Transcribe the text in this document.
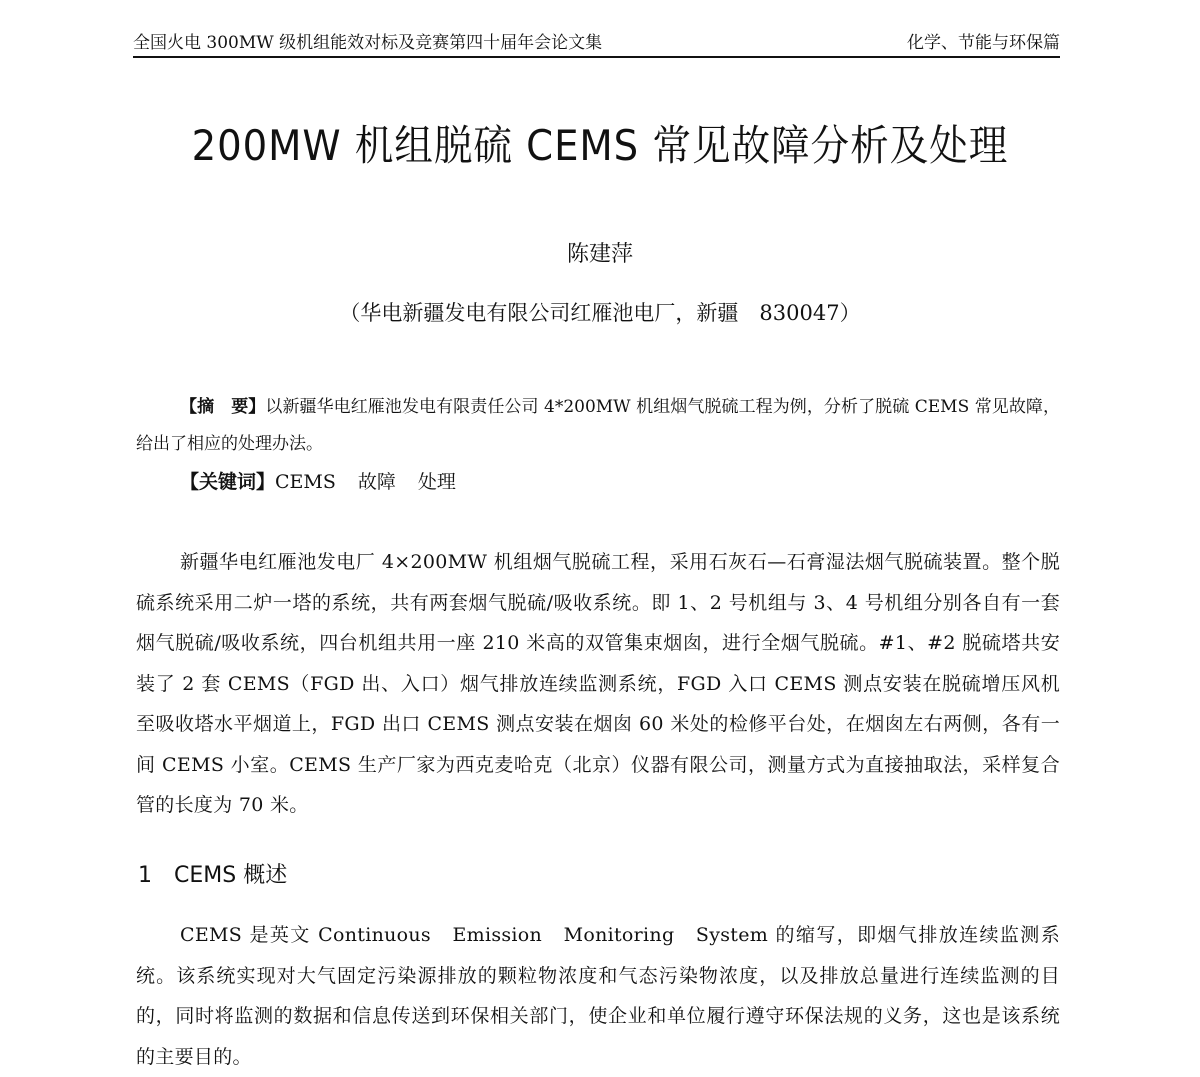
全国火电 300MW 级机组能效对标及竞赛第四十届年会论文集	化学、节能与环保篇
200MW 机组脱硫 CEMS 常见故障分析及处理
陈建萍
（华电新疆发电有限公司红雁池电厂，新疆　830047）
【摘　要】以新疆华电红雁池发电有限责任公司 4*200MW 机组烟气脱硫工程为例，分析了脱硫 CEMS 常见故障，给出了相应的处理办法。
【关键词】CEMS 故障 处理
新疆华电红雁池发电厂 4×200MW 机组烟气脱硫工程，采用石灰石—石膏湿法烟气脱硫装置。整个脱硫系统采用二炉一塔的系统，共有两套烟气脱硫/吸收系统。即 1、2 号机组与 3、4 号机组分别各自有一套烟气脱硫/吸收系统，四台机组共用一座 210 米高的双管集束烟囱，进行全烟气脱硫。#1、#2 脱硫塔共安装了 2 套 CEMS（FGD 出、入口）烟气排放连续监测系统，FGD 入口 CEMS 测点安装在脱硫增压风机至吸收塔水平烟道上，FGD 出口 CEMS 测点安装在烟囱 60 米处的检修平台处，在烟囱左右两侧，各有一间 CEMS 小室。CEMS 生产厂家为西克麦哈克（北京）仪器有限公司，测量方式为直接抽取法，采样复合管的长度为 70 米。
1 CEMS 概述
CEMS 是英文 Continuous　Emission　Monitoring　System 的缩写，即烟气排放连续监测系统。该系统实现对大气固定污染源排放的颗粒物浓度和气态污染物浓度，以及排放总量进行连续监测的目的，同时将监测的数据和信息传送到环保相关部门，使企业和单位履行遵守环保法规的义务，这也是该系统的主要目的。
